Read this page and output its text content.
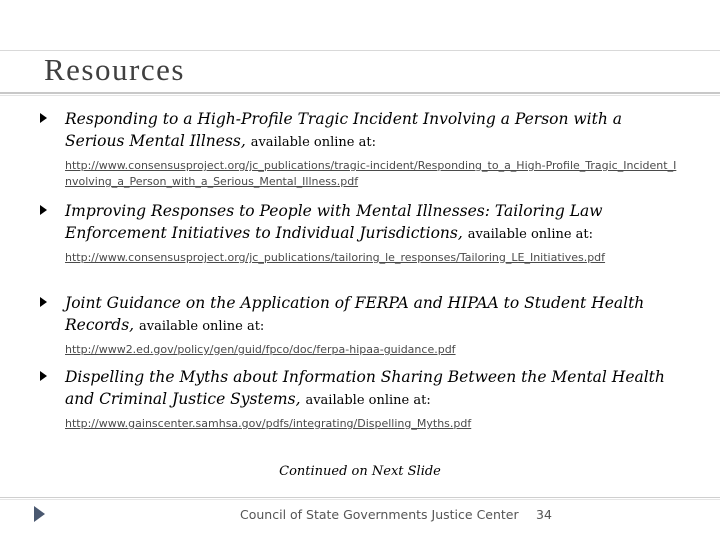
Resources
Responding to a High-Profile Tragic Incident Involving a Person with a Serious Mental Illness, available online at:
http://www.consensusproject.org/jc_publications/tragic-incident/Responding_to_a_High-Profile_Tragic_Incident_Involving_a_Person_with_a_Serious_Mental_Illness.pdf
Improving Responses to People with Mental Illnesses: Tailoring Law Enforcement Initiatives to Individual Jurisdictions, available online at:
http://www.consensusproject.org/jc_publications/tailoring_le_responses/Tailoring_LE_Initiatives.pdf
Joint Guidance on the Application of FERPA and HIPAA to Student Health Records, available online at:
http://www2.ed.gov/policy/gen/guid/fpco/doc/ferpa-hipaa-guidance.pdf
Dispelling the Myths about Information Sharing Between the Mental Health and Criminal Justice Systems, available online at:
http://www.gainscenter.samhsa.gov/pdfs/integrating/Dispelling_Myths.pdf
Continued on Next Slide
Council of State Governments Justice Center 34
